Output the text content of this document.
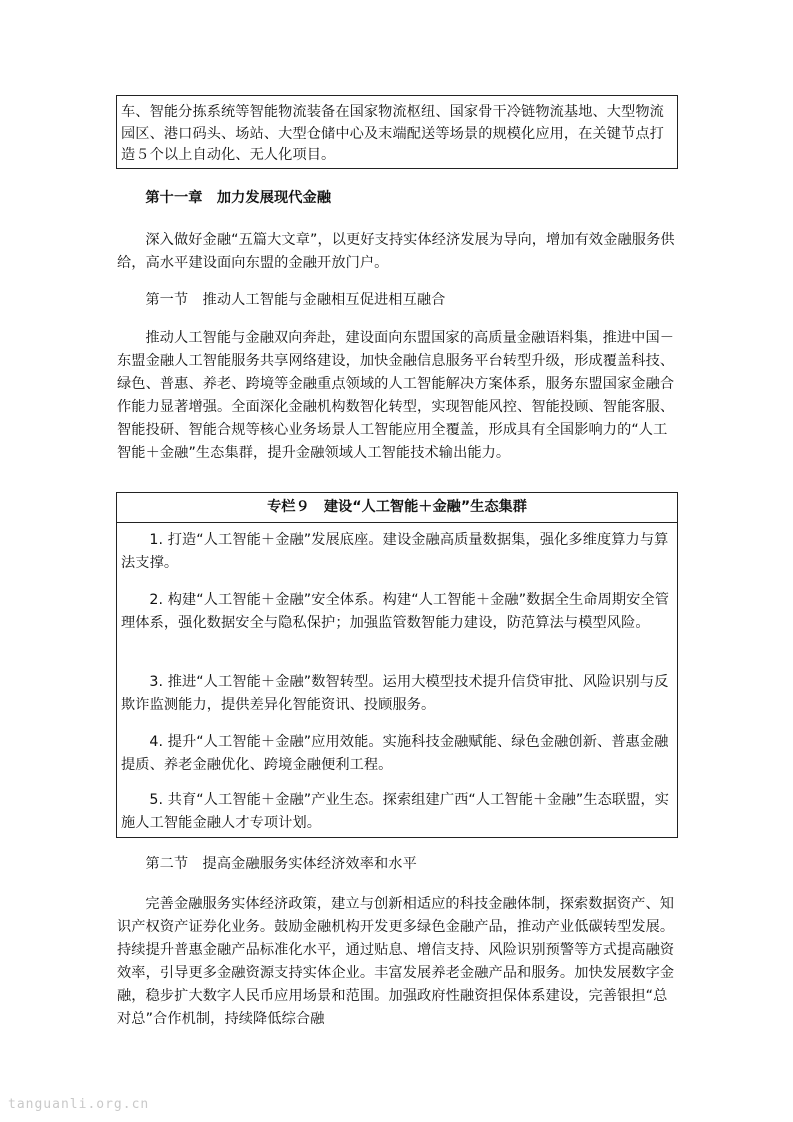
车、智能分拣系统等智能物流装备在国家物流枢纽、国家骨干冷链物流基地、大型物流园区、港口码头、场站、大型仓储中心及末端配送等场景的规模化应用，在关键节点打造５个以上自动化、无人化项目。

第十一章　加力发展现代金融

深入做好金融“五篇大文章”，以更好支持实体经济发展为导向，增加有效金融服务供给，高水平建设面向东盟的金融开放门户。

第一节　推动人工智能与金融相互促进相互融合

推动人工智能与金融双向奔赴，建设面向东盟国家的高质量金融语料集，推进中国－东盟金融人工智能服务共享网络建设，加快金融信息服务平台转型升级，形成覆盖科技、绿色、普惠、养老、跨境等金融重点领域的人工智能解决方案体系，服务东盟国家金融合作能力显著增强。全面深化金融机构数智化转型，实现智能风控、智能投顾、智能客服、智能投研、智能合规等核心业务场景人工智能应用全覆盖，形成具有全国影响力的“人工智能＋金融”生态集群，提升金融领域人工智能技术输出能力。

专栏９　建设“人工智能＋金融”生态集群

1. 打造“人工智能＋金融”发展底座。建设金融高质量数据集，强化多维度算力与算法支撑。

2. 构建“人工智能＋金融”安全体系。构建“人工智能＋金融”数据全生命周期安全管理体系，强化数据安全与隐私保护；加强监管数智能力建设，防范算法与模型风险。

3. 推进“人工智能＋金融”数智转型。运用大模型技术提升信贷审批、风险识别与反欺诈监测能力，提供差异化智能资讯、投顾服务。

4. 提升“人工智能＋金融”应用效能。实施科技金融赋能、绿色金融创新、普惠金融提质、养老金融优化、跨境金融便利工程。

5. 共育“人工智能＋金融”产业生态。探索组建广西“人工智能＋金融”生态联盟，实施人工智能金融人才专项计划。

第二节　提高金融服务实体经济效率和水平

完善金融服务实体经济政策，建立与创新相适应的科技金融体制，探索数据资产、知识产权资产证券化业务。鼓励金融机构开发更多绿色金融产品，推动产业低碳转型发展。持续提升普惠金融产品标准化水平，通过贴息、增信支持、风险识别预警等方式提高融资效率，引导更多金融资源支持实体企业。丰富发展养老金融产品和服务。加快发展数字金融，稳步扩大数字人民币应用场景和范围。加强政府性融资担保体系建设，完善银担“总对总”合作机制，持续降低综合融

tanguanli.org.cn
